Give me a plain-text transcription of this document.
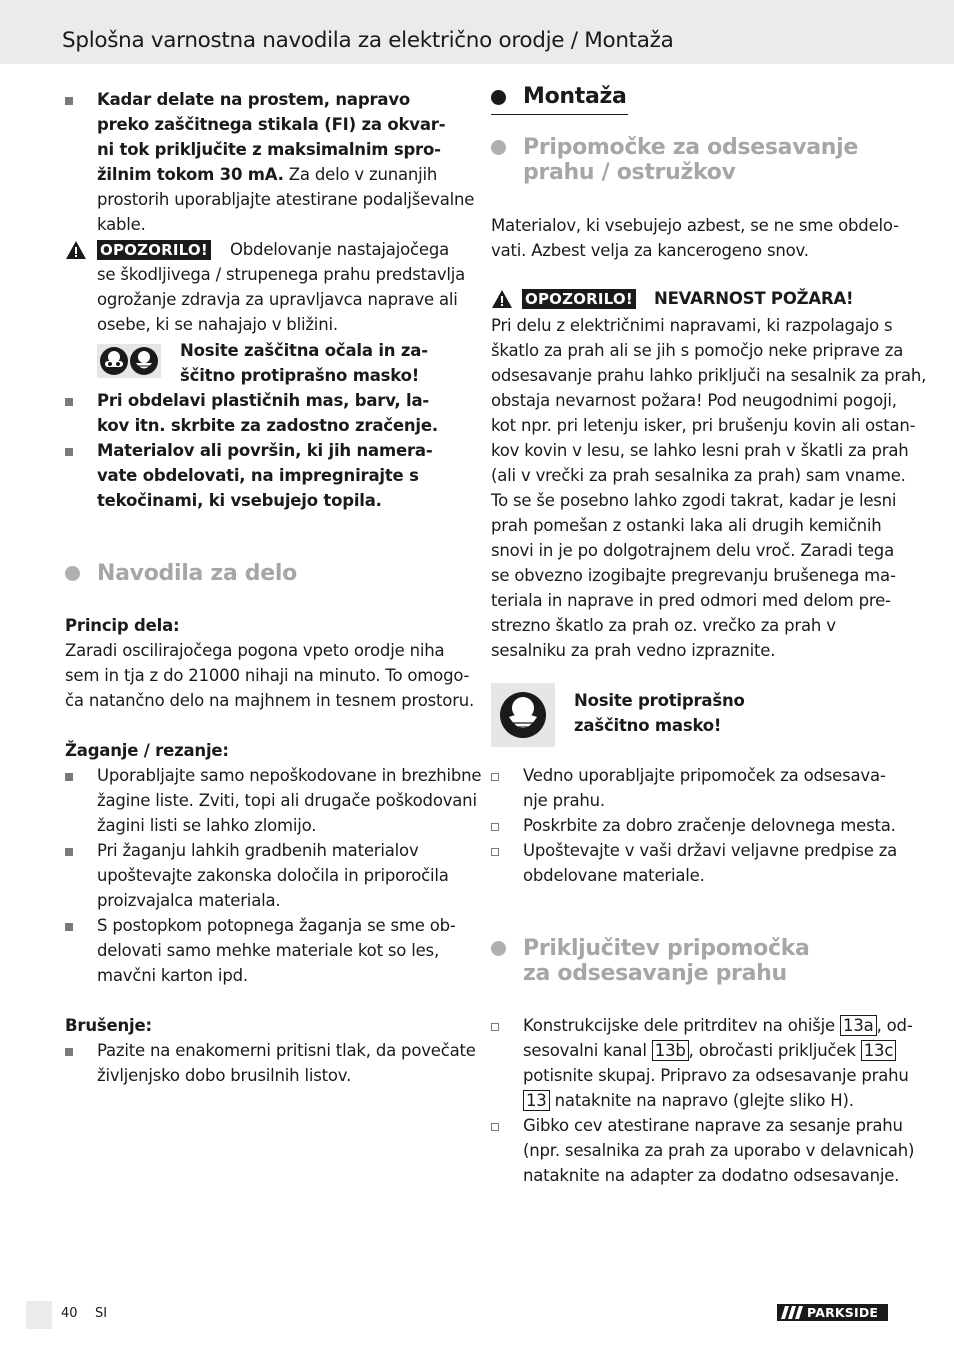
Splošna varnostna navodila za električno orodje / Montaža
Kadar delate na prostem, napravo
preko zaščitnega stikala (FI) za okvar-
ni tok priključite z maksimalnim spro-
žilnim tokom 30 mA. Za delo v zunanjih
prostorih uporabljajte atestirane podaljševalne
kable.
OPOZORILO! Obdelovanje nastajajočega
se škodljivega / strupenega prahu predstavlja
ogrožanje zdravja za upravljavca naprave ali
osebe, ki se nahajajo v bližini.
Nosite zaščitna očala in za-
ščitno protiprašno masko!
Pri obdelavi plastičnih mas, barv, la-
kov itn. skrbite za zadostno zračenje.
Materialov ali površin, ki jih namera-
vate obdelovati, na impregnirajte s
tekočinami, ki vsebujejo topila.
Navodila za delo
Princip dela:
Zaradi oscilirajočega pogona vpeto orodje niha
sem in tja z do 21000 nihaji na minuto. To omogo-
ča natančno delo na majhnem in tesnem prostoru.
Žaganje / rezanje:
Uporabljajte samo nepoškodovane in brezhibne
žagine liste. Zviti, topi ali drugače poškodovani
žagini listi se lahko zlomijo.
Pri žaganju lahkih gradbenih materialov
upoštevajte zakonska določila in priporočila
proizvajalca materiala.
S postopkom potopnega žaganja se sme ob-
delovati samo mehke materiale kot so les,
mavčni karton ipd.
Brušenje:
Pazite na enakomerni pritisni tlak, da povečate
življenjsko dobo brusilnih listov.
Montaža
Pripomočke za odsesavanje
prahu / ostružkov
Materialov, ki vsebujejo azbest, se ne sme obdelo-
vati. Azbest velja za kancerogeno snov.
OPOZORILO! NEVARNOST POŽARA!
Pri delu z električnimi napravami, ki razpolagajo s
škatlo za prah ali se jih s pomočjo neke priprave za
odsesavanje prahu lahko priključi na sesalnik za prah,
obstaja nevarnost požara! Pod neugodnimi pogoji,
kot npr. pri letenju isker, pri brušenju kovin ali ostan-
kov kovin v lesu, se lahko lesni prah v škatli za prah
(ali v vrečki za prah sesalnika za prah) sam vname.
To se še posebno lahko zgodi takrat, kadar je lesni
prah pomešan z ostanki laka ali drugih kemičnih
snovi in je po dolgotrajnem delu vroč. Zaradi tega
se obvezno izogibajte pregrevanju brušenega ma-
teriala in naprave in pred odmori med delom pre-
strezno škatlo za prah oz. vrečko za prah v
sesalniku za prah vedno izpraznite.
Nosite protiprašno
zaščitno masko!
Vedno uporabljajte pripomoček za odsesava-
nje prahu.
Poskrbite za dobro zračenje delovnega mesta.
Upoštevajte v vaši državi veljavne predpise za
obdelovane materiale.
Priključitev pripomočka
za odsesavanje prahu
Konstrukcijske dele pritrditev na ohišje 13a , od-
sesovalni kanal 13b , obročasti priključek 13c
potisnite skupaj. Pripravo za odsesavanje prahu
13 nataknite na napravo (glejte sliko H).
Gibko cev atestirane naprave za sesanje prahu
(npr. sesalnika za prah za uporabo v delavnicah)
nataknite na adapter za dodatno odsesavanje.
40 SI	PARKSIDE
